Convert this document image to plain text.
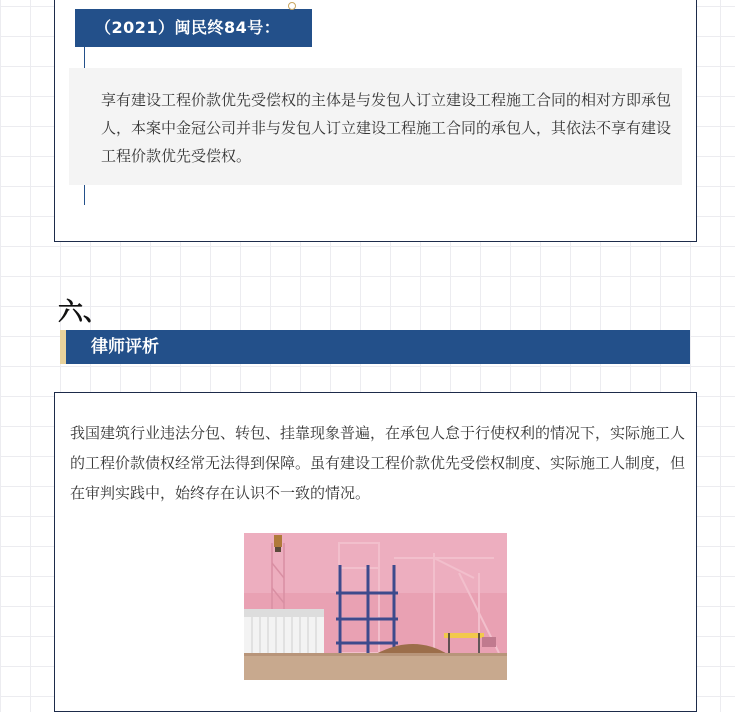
（2021）闽民终84号：

享有建设工程价款优先受偿权的主体是与发包人订立建设工程施工合同的相对方即承包人，本案中金冠公司并非与发包人订立建设工程施工合同的承包人，其依法不享有建设工程价款优先受偿权。

六、
律师评析

我国建筑行业违法分包、转包、挂靠现象普遍，在承包人怠于行使权利的情况下，实际施工人的工程价款债权经常无法得到保障。虽有建设工程价款优先受偿权制度、实际施工人制度，但在审判实践中，始终存在认识不一致的情况。
